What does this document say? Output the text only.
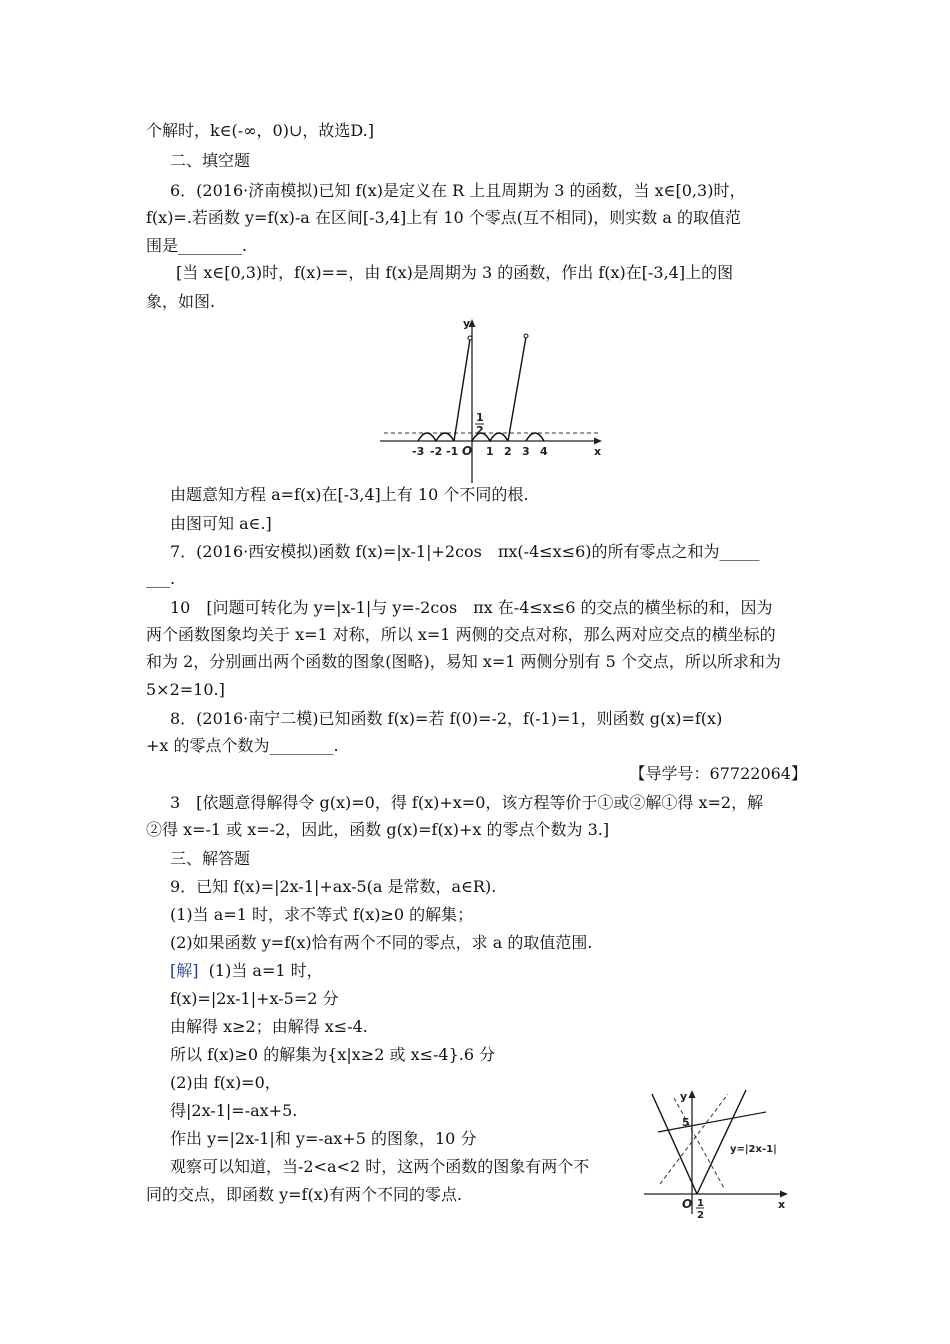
个解时，k∈(-∞，0)∪，故选D.]
二、填空题
6．(2016·济南模拟)已知 f(x)是定义在 R 上且周期为 3 的函数，当 x∈[0,3)时，
f(x)=.若函数 y=f(x)-a 在区间[-3,4]上有 10 个零点(互不相同)，则实数 a 的取值范
围是________.
[当 x∈[0,3)时，f(x)==，由 f(x)是周期为 3 的函数，作出 f(x)在[-3,4]上的图
象，如图.
y
x
1
2
O
-3 -2 -1	1 2 3 4
由题意知方程 a=f(x)在[-3,4]上有 10 个不同的根.
由图可知 a∈.]
7．(2016·西安模拟)函数 f(x)=|x-1|+2cos　πx(-4≤x≤6)的所有零点之和为_____
___.
10　[问题可转化为 y=|x-1|与 y=-2cos　πx 在-4≤x≤6 的交点的横坐标的和，因为
两个函数图象均关于 x=1 对称，所以 x=1 两侧的交点对称，那么两对应交点的横坐标的
和为 2，分别画出两个函数的图象(图略)，易知 x=1 两侧分别有 5 个交点，所以所求和为
5×2=10.]
8．(2016·南宁二模)已知函数 f(x)=若 f(0)=-2，f(-1)=1，则函数 g(x)=f(x)
+x 的零点个数为________.
【导学号：67722064】
3　[依题意得解得令 g(x)=0，得 f(x)+x=0，该方程等价于①或②解①得 x=2，解
②得 x=-1 或 x=-2，因此，函数 g(x)=f(x)+x 的零点个数为 3.]
三、解答题
9．已知 f(x)=|2x-1|+ax-5(a 是常数，a∈R).
(1)当 a=1 时，求不等式 f(x)≥0 的解集；
(2)如果函数 y=f(x)恰有两个不同的零点，求 a 的取值范围.
[解] (1)当 a=1 时，
f(x)=|2x-1|+x-5=2 分
由解得 x≥2；由解得 x≤-4.
所以 f(x)≥0 的解集为{x|x≥2 或 x≤-4}.6 分
(2)由 f(x)=0，
得|2x-1|=-ax+5.
作出 y=|2x-1|和 y=-ax+5 的图象，10 分
观察可以知道，当-2<a<2 时，这两个函数的图象有两个不
同的交点，即函数 y=f(x)有两个不同的零点.
y
x
5
y=|2x-1|
O 1
2
